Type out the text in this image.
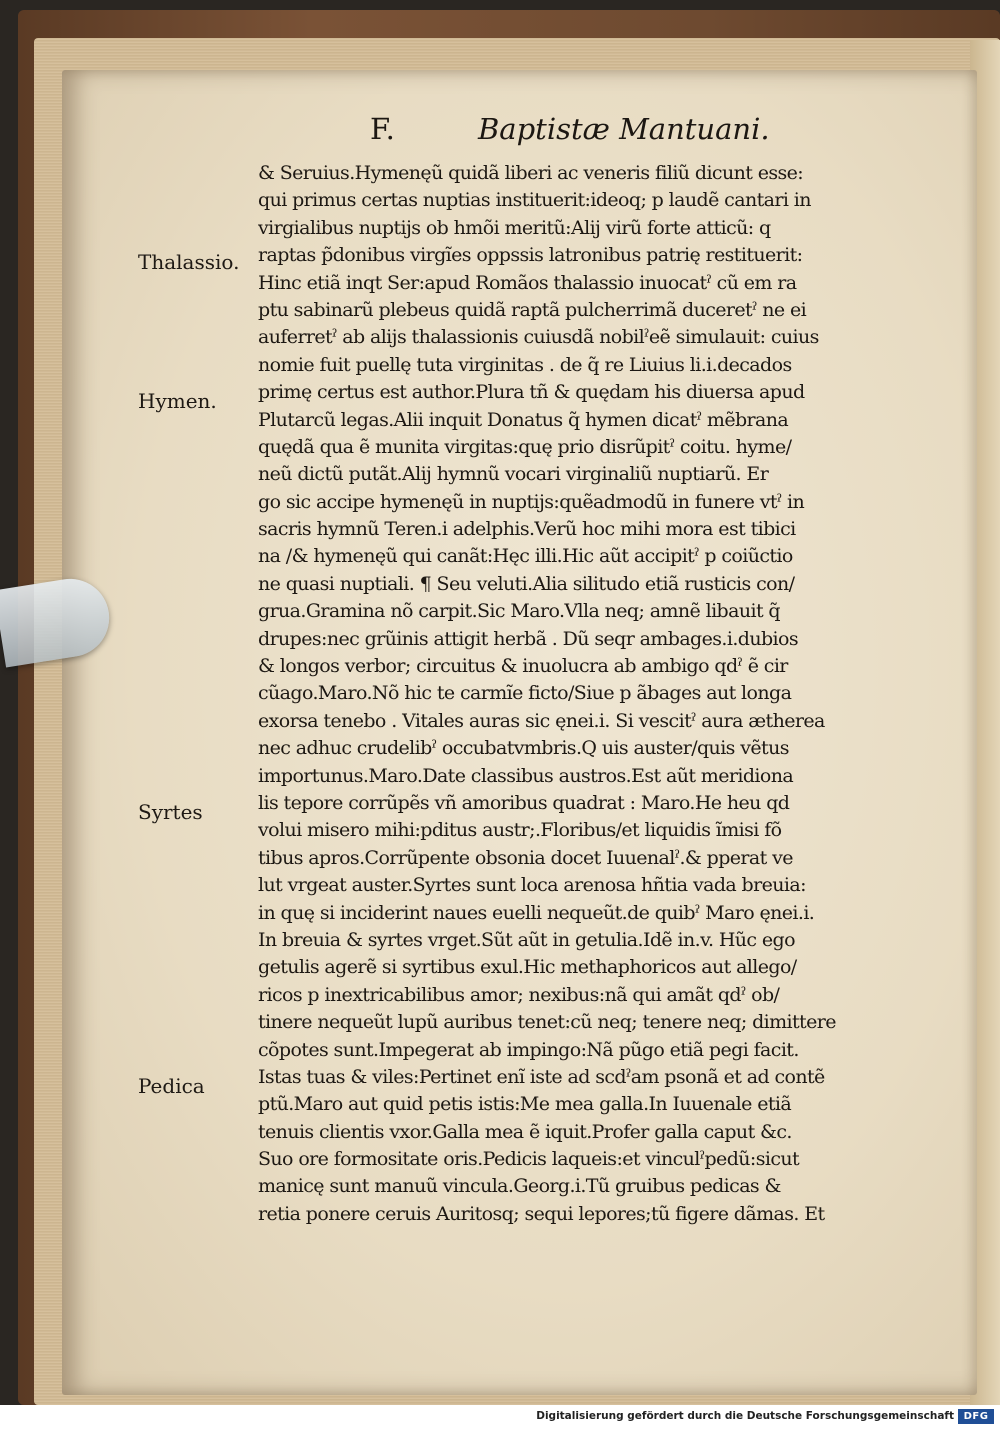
F.	Baptistæ Mantuani.
Thalassio.
Hymen.
Syrtes
Pedica
& Seruius.Hymenęũ quidã liberi ac veneris filiũ dicunt esse:
qui primus certas nuptias instituerit:ideoq; p laudẽ cantari in
virgialibus nuptijs ob hmõi meritũ:Alij virũ forte atticũ: q
raptas p̃donibus virgĩes oppssis latronibus patrię restituerit:
Hinc etiã inqt Ser:apud Romãos thalassio inuocatˀ cũ em ra
ptu sabinarũ plebeus quidã raptã pulcherrimã duceretˀ ne ei
auferretˀ ab alijs thalassionis cuiusdã nobilˀeẽ simulauit: cuius
nomie fuit puellę tuta virginitas . de q̃ re Liuius li.i.decados
primę certus est author.Plura tñ & quędam his diuersa apud
Plutarcũ legas.Alii inquit Donatus q̃ hymen dicatˀ mẽbrana
quędã qua ẽ munita virgitas:quę prio disrũpitˀ coitu. hyme/
neũ dictũ putãt.Alij hymnũ vocari virginaliũ nuptiarũ. Er
go sic accipe hymenęũ in nuptijs:quẽadmodũ in funere vtˀ in
sacris hymnũ Teren.i adelphis.Verũ hoc mihi mora est tibici
na /& hymenęũ qui canãt:Hęc illi.Hic aũt accipitˀ p coiũctio
ne quasi nuptiali. ¶ Seu veluti.Alia silitudo etiã rusticis con/
grua.Gramina nõ carpit.Sic Maro.Vlla neq; amnẽ libauit q̃
drupes:nec grũinis attigit herbã . Dũ seqr ambages.i.dubios
& longos verbor; circuitus & inuolucra ab ambigo qdˀ ẽ cir
cũago.Maro.Nõ hic te carmĩe ficto/Siue p ãbages aut longa
exorsa tenebo . Vitales auras sic ęnei.i. Si vescitˀ aura ætherea
nec adhuc crudelibˀ occubatvmbris.Q uis auster/quis vẽtus
importunus.Maro.Date classibus austros.Est aũt meridiona
lis tepore corrũpẽs vñ amoribus quadrat : Maro.He heu qd
volui misero mihi:pditus austr;.Floribus/et liquidis ĩmisi fõ
tibus apros.Corrũpente obsonia docet Iuuenalˀ.& pperat ve
lut vrgeat auster.Syrtes sunt loca arenosa hñtia vada breuia:
in quę si inciderint naues euelli nequeũt.de quibˀ Maro ęnei.i.
In breuia & syrtes vrget.Sũt aũt in getulia.Idẽ in.v. Hũc ego
getulis agerẽ si syrtibus exul.Hic methaphoricos aut allego/
ricos p inextricabilibus amor; nexibus:nã qui amãt qdˀ ob/
tinere nequeũt lupũ auribus tenet:cũ neq; tenere neq; dimittere
cõpotes sunt.Impegerat ab impingo:Nã pũgo etiã pegi facit.
Istas tuas & viles:Pertinet enĩ iste ad scdˀam psonã et ad contẽ
ptũ.Maro aut quid petis istis:Me mea galla.In Iuuenale etiã
tenuis clientis vxor.Galla mea ẽ iquit.Profer galla caput &c.
Suo ore formositate oris.Pedicis laqueis:et vinculˀpedũ:sicut
manicę sunt manuũ vincula.Georg.i.Tũ gruibus pedicas &
retia ponere ceruis Auritosq; sequi lepores;tũ figere dãmas. Et
Digitalisierung gefördert durch die Deutsche Forschungsgemeinschaft DFG
